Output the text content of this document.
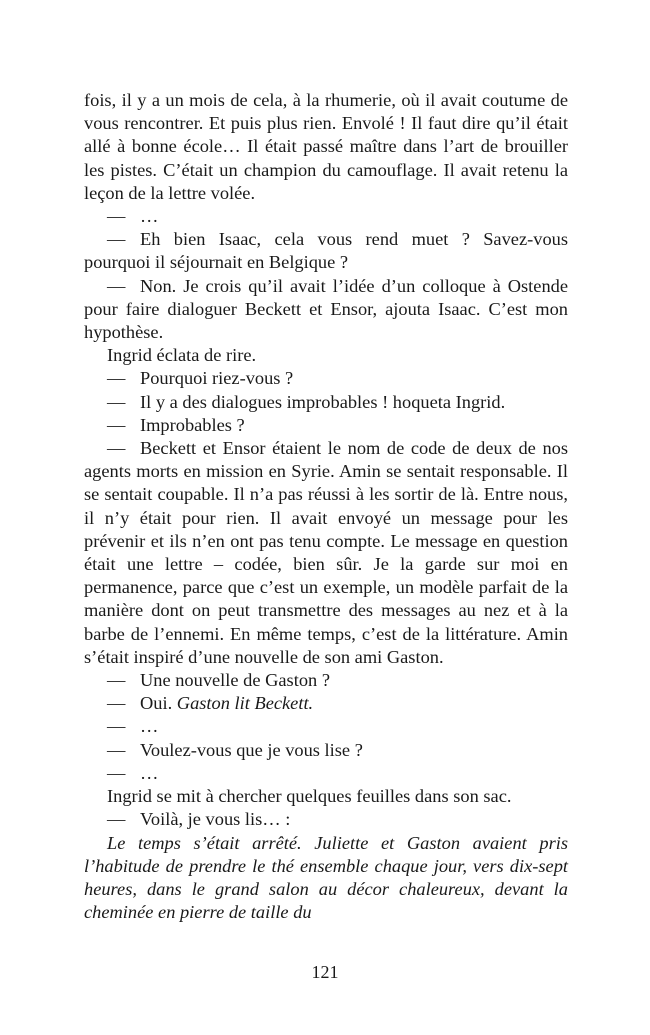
fois, il y a un mois de cela, à la rhumerie, où il avait coutume de vous rencontrer. Et puis plus rien. Envolé ! Il faut dire qu’il était allé à bonne école… Il était passé maître dans l’art de brouiller les pistes. C’était un champion du camouflage. Il avait retenu la leçon de la lettre volée.

— …

— Eh bien Isaac, cela vous rend muet ? Savez-vous pourquoi il séjournait en Belgique ?

— Non. Je crois qu’il avait l’idée d’un colloque à Ostende pour faire dialoguer Beckett et Ensor, ajouta Isaac. C’est mon hypothèse.

Ingrid éclata de rire.

— Pourquoi riez-vous ?

— Il y a des dialogues improbables ! hoqueta Ingrid.

— Improbables ?

— Beckett et Ensor étaient le nom de code de deux de nos agents morts en mission en Syrie. Amin se sentait responsable. Il se sentait coupable. Il n’a pas réussi à les sortir de là. Entre nous, il n’y était pour rien. Il avait envoyé un message pour les prévenir et ils n’en ont pas tenu compte. Le message en question était une lettre – codée, bien sûr. Je la garde sur moi en permanence, parce que c’est un exemple, un modèle parfait de la manière dont on peut transmettre des messages au nez et à la barbe de l’ennemi. En même temps, c’est de la littérature. Amin s’était inspiré d’une nouvelle de son ami Gaston.

— Une nouvelle de Gaston ?

— Oui. Gaston lit Beckett.

— …

— Voulez-vous que je vous lise ?

— …

Ingrid se mit à chercher quelques feuilles dans son sac.

— Voilà, je vous lis… :

Le temps s’était arrêté. Juliette et Gaston avaient pris l’habitude de prendre le thé ensemble chaque jour, vers dix-sept heures, dans le grand salon au décor chaleureux, devant la cheminée en pierre de taille du

121
